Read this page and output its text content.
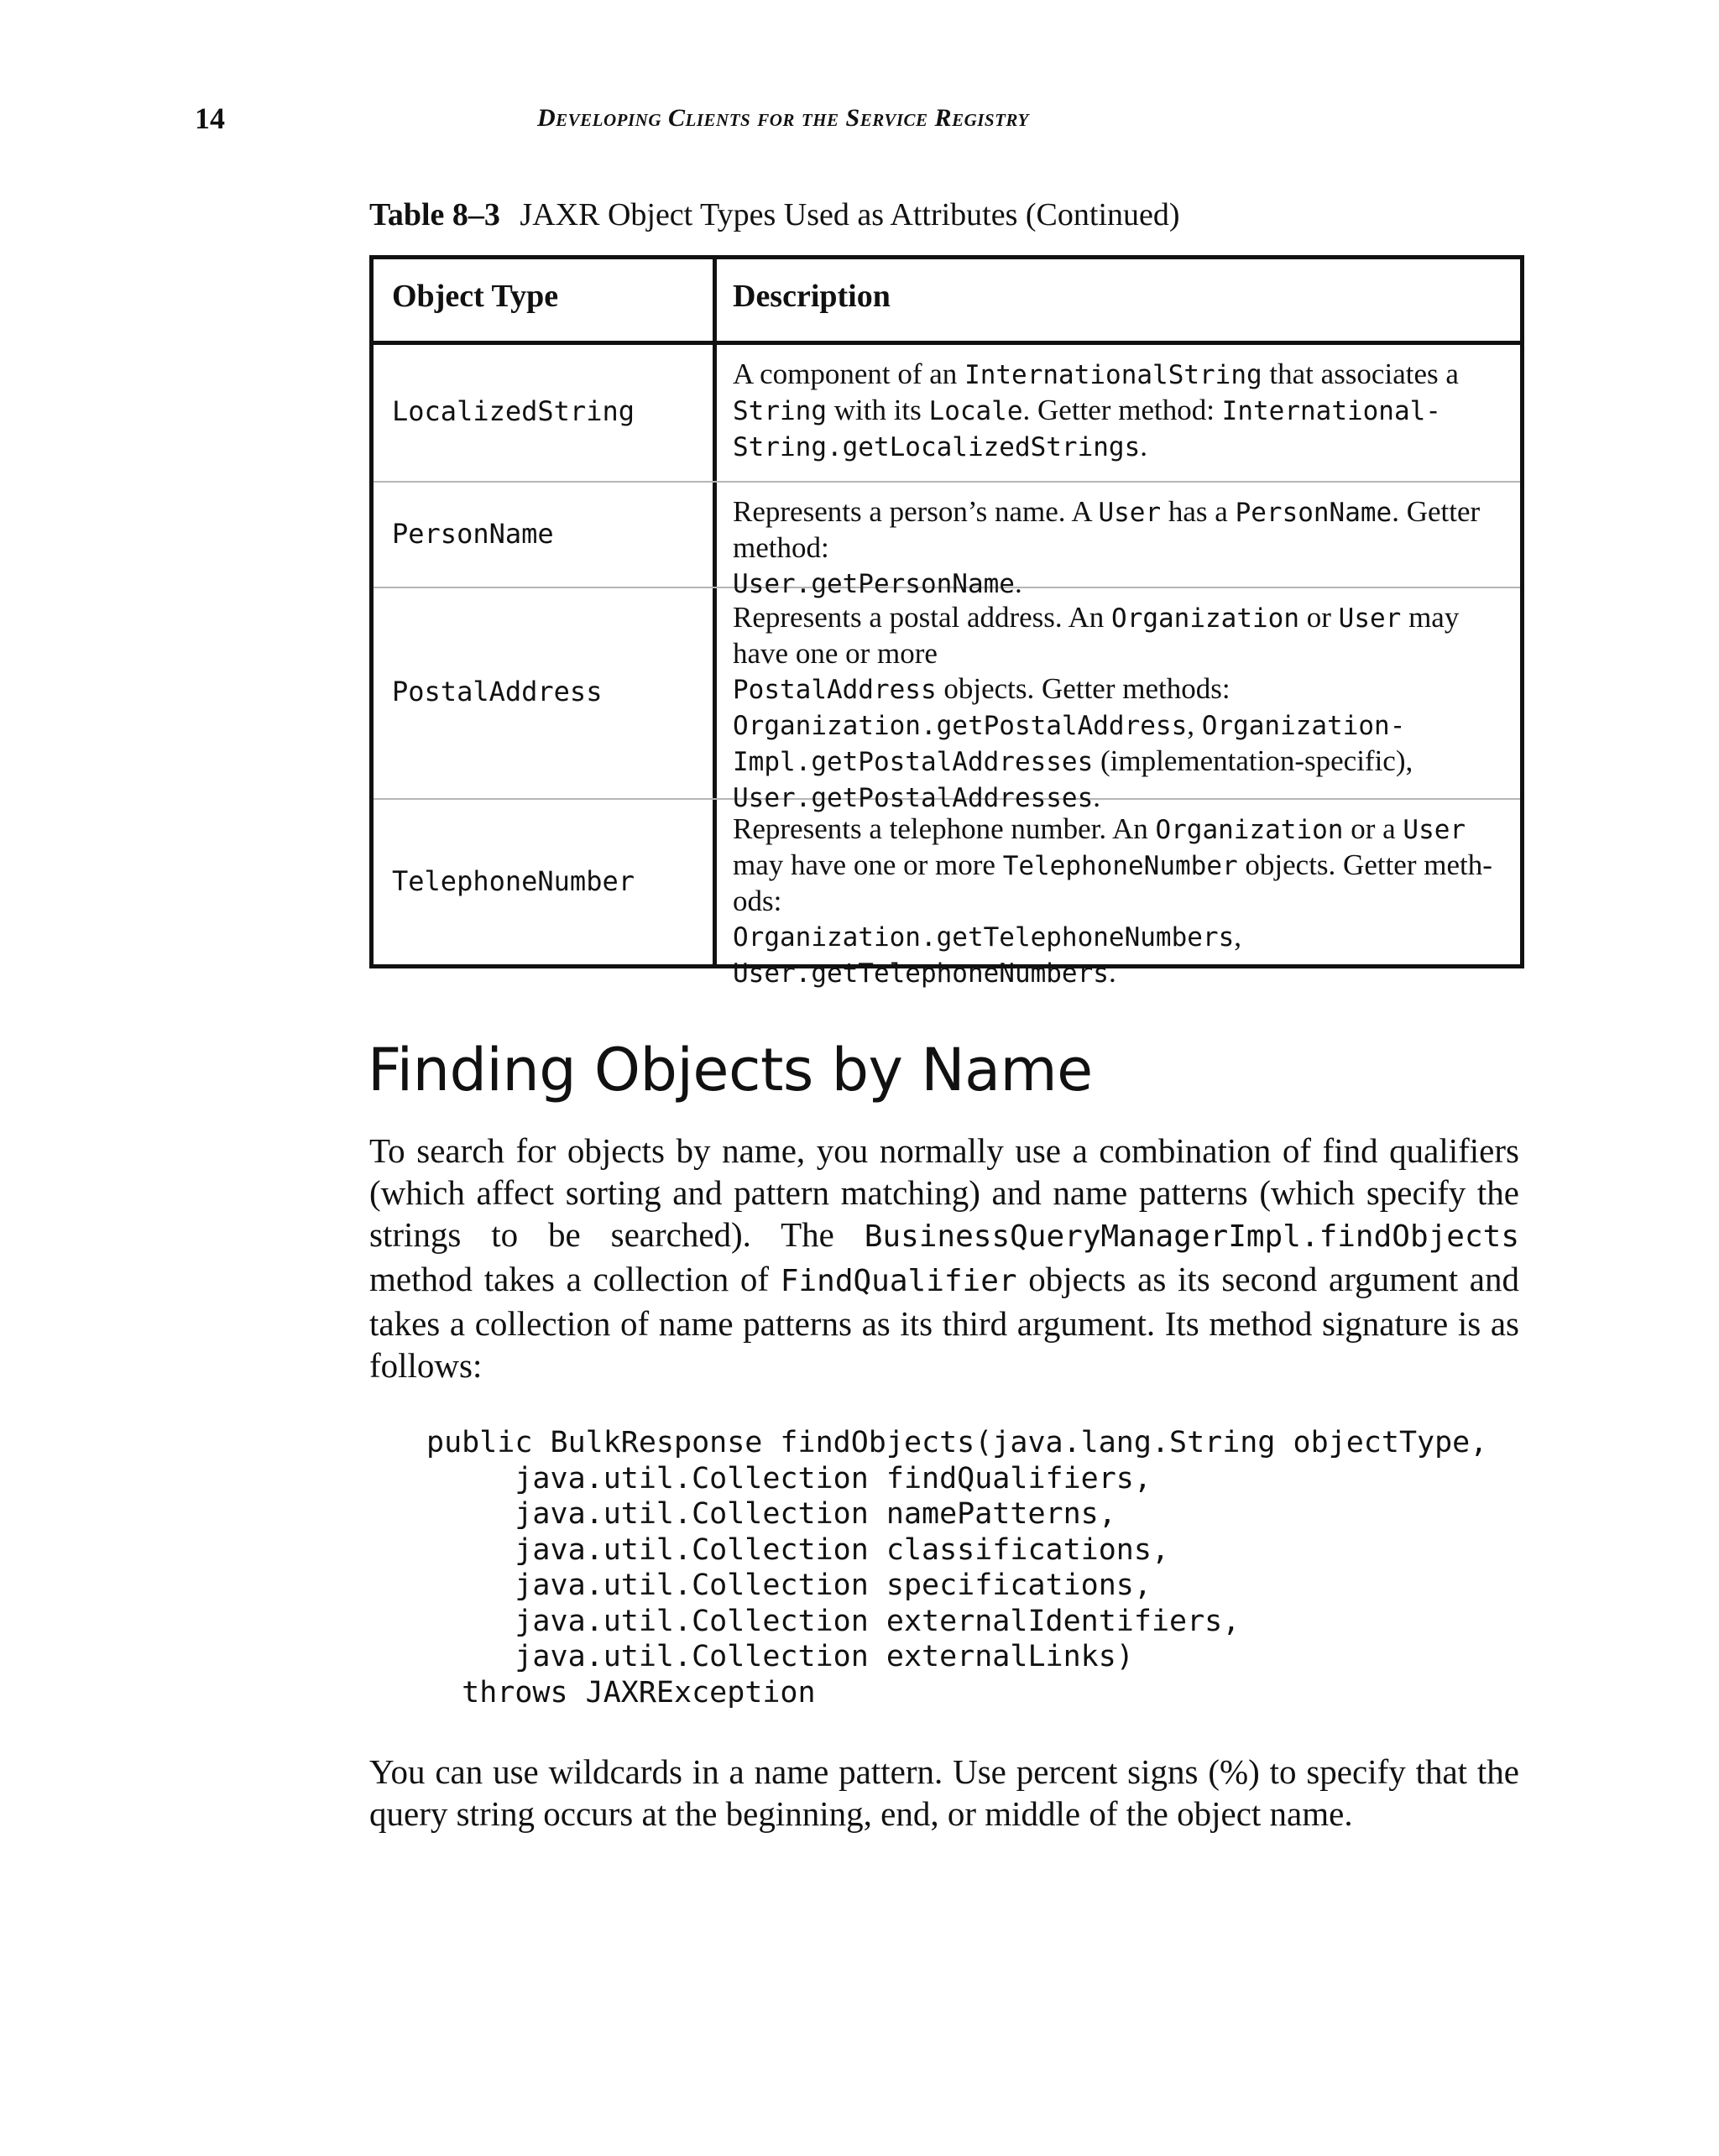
14	Developing Clients for the Service Registry
Table 8–3 JAXR Object Types Used as Attributes (Continued)
Object Type	Description
LocalizedString
A component of an InternationalString that associates a
String with its Locale. Getter method: International-
String.getLocalizedStrings.
PersonName
Represents a person’s name. A User has a PersonName. Getter method:
User.getPersonName.
PostalAddress
Represents a postal address. An Organization or User may have one or more
PostalAddress objects. Getter methods:
Organization.getPostalAddress, Organization-
Impl.getPostalAddresses (implementation-specific),
User.getPostalAddresses.
TelephoneNumber
Represents a telephone number. An Organization or a User
may have one or more TelephoneNumber objects. Getter meth- ods:
Organization.getTelephoneNumbers,
User.getTelephoneNumbers.
Finding Objects by Name

To search for objects by name, you normally use a combination of find qualifiers (which affect sorting and pattern matching) and name patterns (which specify the strings to be searched). The BusinessQueryManagerImpl.findObjects method takes a collection of FindQualifier objects as its second argument and takes a collection of name patterns as its third argument. Its method signature is as follows:

public BulkResponse findObjects(java.lang.String objectType,
java.util.Collection findQualifiers,
java.util.Collection namePatterns,
java.util.Collection classifications,
java.util.Collection specifications,
java.util.Collection externalIdentifiers,
java.util.Collection externalLinks)
throws JAXRException

You can use wildcards in a name pattern. Use percent signs (%) to specify that the query string occurs at the beginning, end, or middle of the object name.
